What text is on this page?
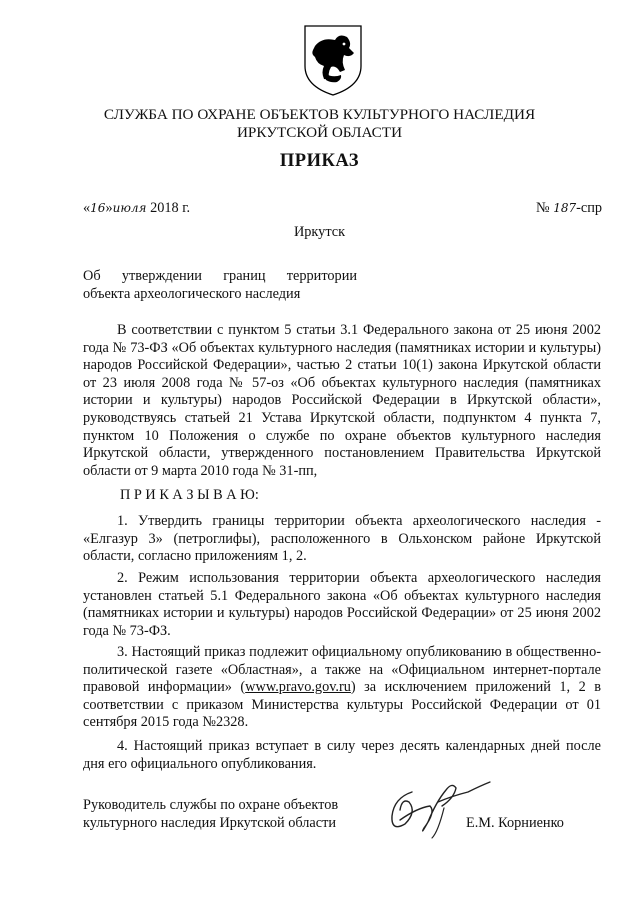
СЛУЖБА ПО ОХРАНЕ ОБЪЕКТОВ КУЛЬТУРНОГО НАСЛЕДИЯ
ИРКУТСКОЙ ОБЛАСТИ
ПРИКАЗ
«16»июля 2018 г.	№ 187-спр
Иркутск
Об утверждении границ территории
объекта археологического наследия

В соответствии с пунктом 5 статьи 3.1 Федерального закона от 25 июня 2002 года № 73-ФЗ «Об объектах культурного наследия (памятниках истории и культуры) народов Российской Федерации», частью 2 статьи 10(1) закона Иркутской области от 23 июля 2008 года № 57-оз «Об объектах культурного наследия (памятниках истории и культуры) народов Российской Федерации в Иркутской области», руководствуясь статьей 21 Устава Иркутской области, подпунктом 4 пункта 7, пунктом 10 Положения о службе по охране объектов культурного наследия Иркутской области, утвержденного постановлением Правительства Иркутской области от 9 марта 2010 года № 31-пп,

П Р И К А З Ы В А Ю:

1. Утвердить границы территории объекта археологического наследия - «Елгазур 3» (петроглифы), расположенного в Ольхонском районе Иркутской области, согласно приложениям 1, 2.

2. Режим использования территории объекта археологического наследия установлен статьей 5.1 Федерального закона «Об объектах культурного наследия (памятниках истории и культуры) народов Российской Федерации» от 25 июня 2002 года № 73-ФЗ.

3. Настоящий приказ подлежит официальному опубликованию в общественно-политической газете «Областная», а также на «Официальном интернет-портале правовой информации» (www.pravo.gov.ru) за исключением приложений 1, 2 в соответствии с приказом Министерства культуры Российской Федерации от 01 сентября 2015 года №2328.

4. Настоящий приказ вступает в силу через десять календарных дней после дня его официального опубликования.

Руководитель службы по охране объектов
культурного наследия Иркутской области	Е.М. Корниенко
